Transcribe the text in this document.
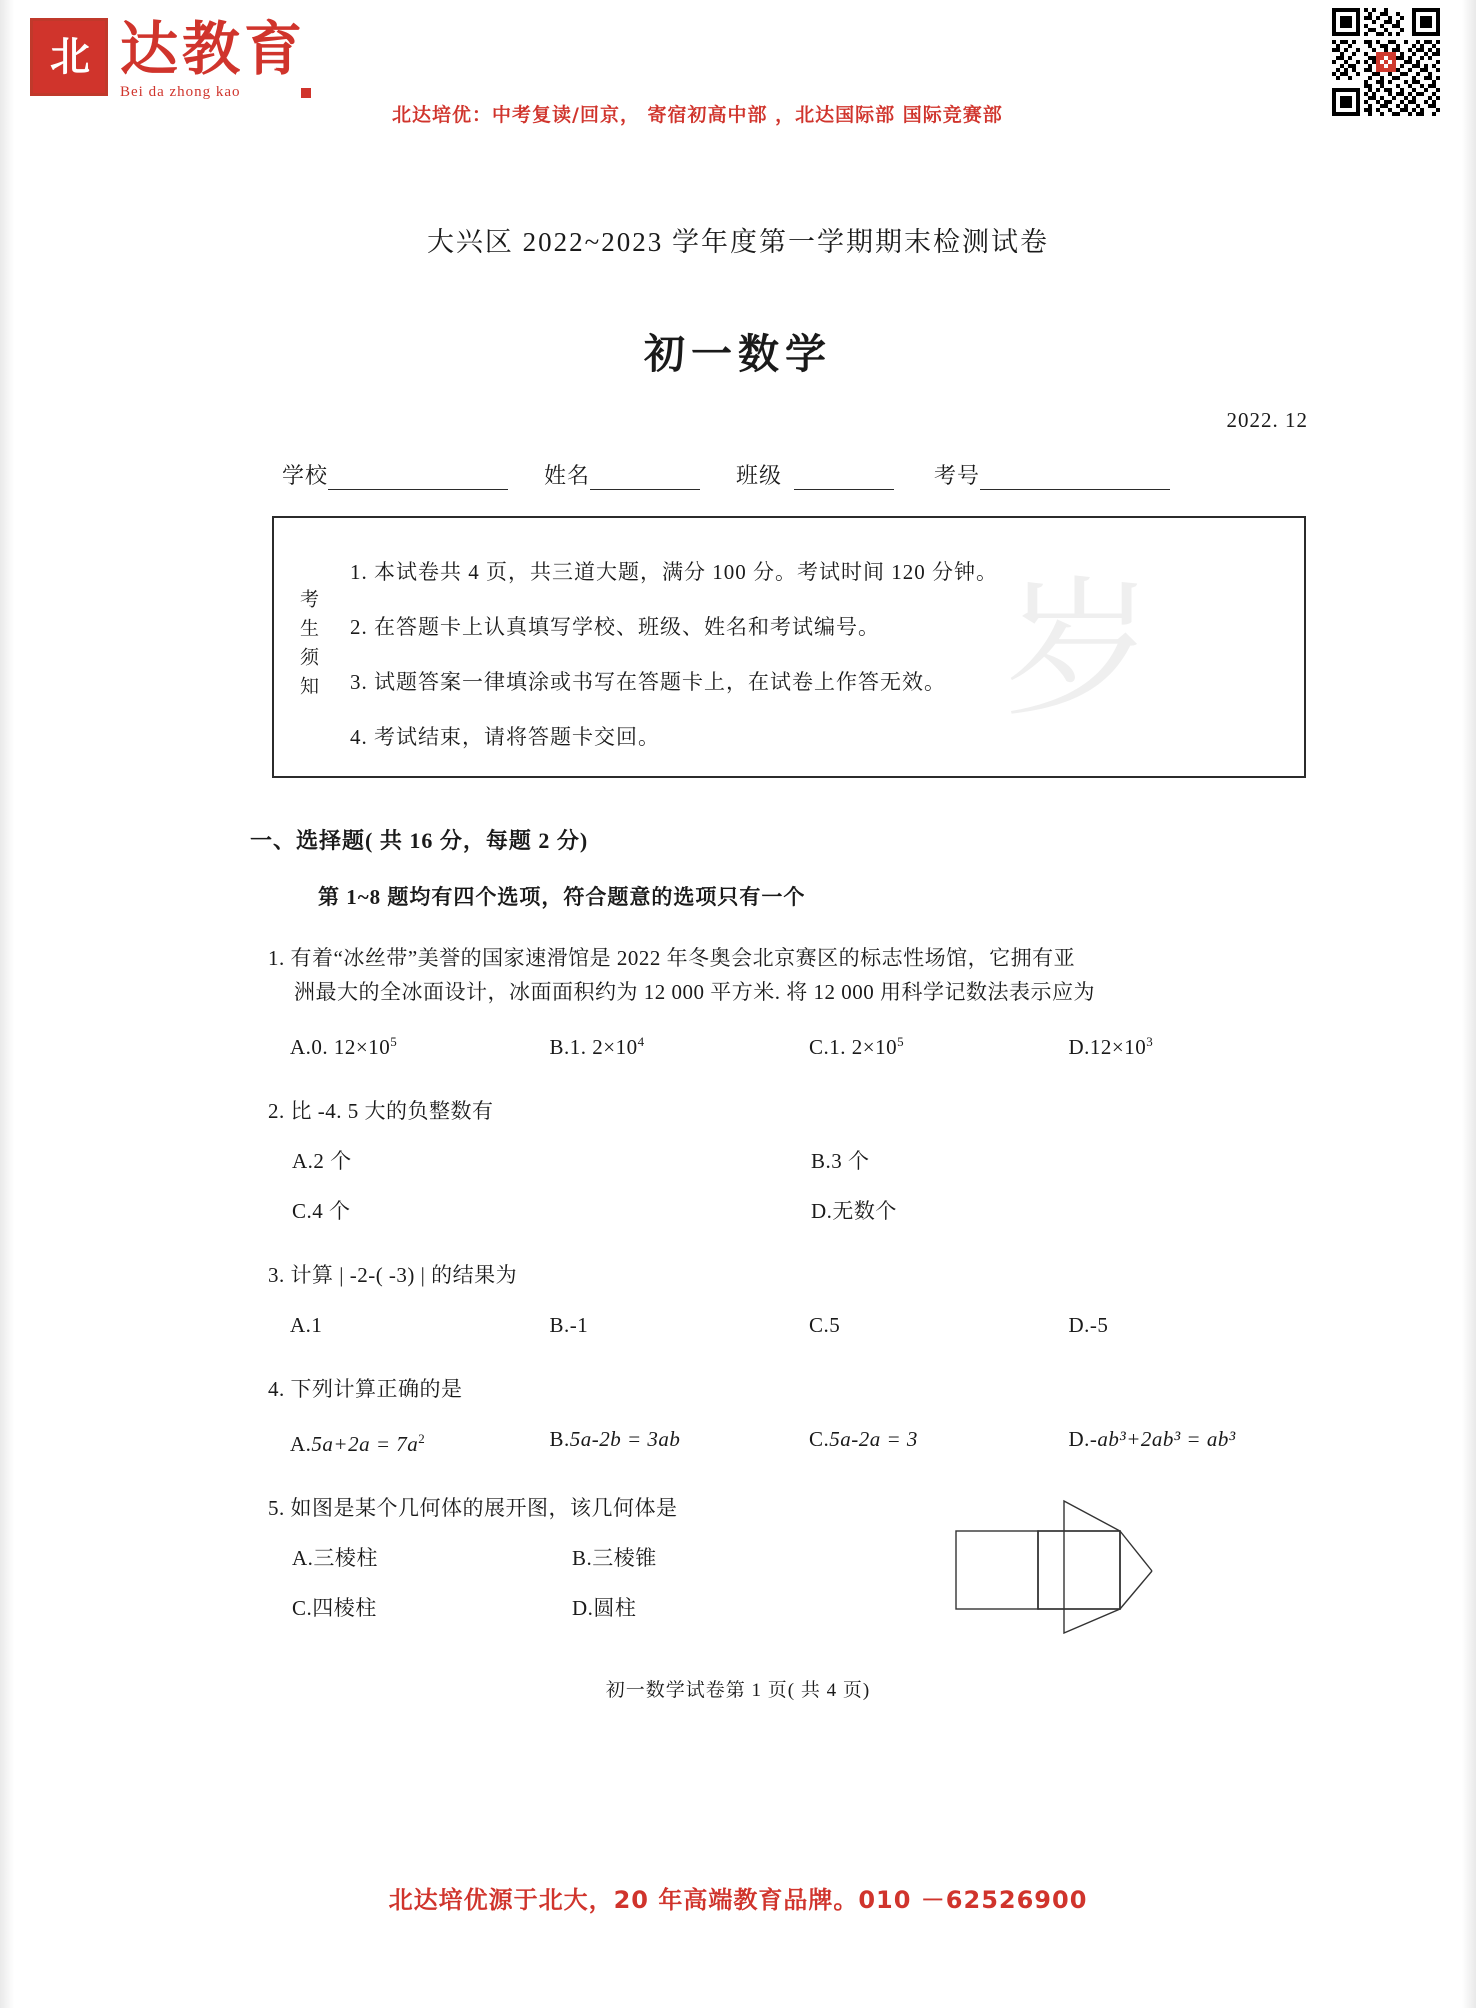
北 达教育
Bei da zhong kao
北达培优：中考复读/回京， 寄宿初高中部 ，北达国际部 国际竞赛部
大兴区 2022~2023 学年度第一学期期末检测试卷
初一数学
2022. 12
学校	姓名	班级	考号
岁
考生须知
1. 本试卷共 4 页，共三道大题，满分 100 分。考试时间 120 分钟。
2. 在答题卡上认真填写学校、班级、姓名和考试编号。
3. 试题答案一律填涂或书写在答题卡上，在试卷上作答无效。
4. 考试结束，请将答题卡交回。
一、选择题( 共 16 分，每题 2 分)
第 1~8 题均有四个选项，符合题意的选项只有一个
1. 有着“冰丝带”美誉的国家速滑馆是 2022 年冬奥会北京赛区的标志性场馆，它拥有亚
洲最大的全冰面设计，冰面面积约为 12 000 平方米. 将 12 000 用科学记数法表示应为
A.0. $12\times 10^5$	B.1. $2\times 10^4$	C.1. $2\times 10^5$	$D.12\times 10^3$
2. 比 -4. 5 大的负整数有
A.2 个	B.3 个
C.4 个	D.无数个
3. 计算 | -2-( -3) | 的结果为
A.1	B.-1	C.5	D.-5
4. 下列计算正确的是
$A.5a+2a = 7a^2$	B.5a-2b = 3ab	C.5a-2a = 3	D.-ab³+2ab³ = ab³
5. 如图是某个几何体的展开图，该几何体是
A.三棱柱	B.三棱锥
C.四棱柱	D.圆柱
初一数学试卷第 1 页( 共 4 页)
北达培优源于北大，20 年高端教育品牌。010 －62526900
